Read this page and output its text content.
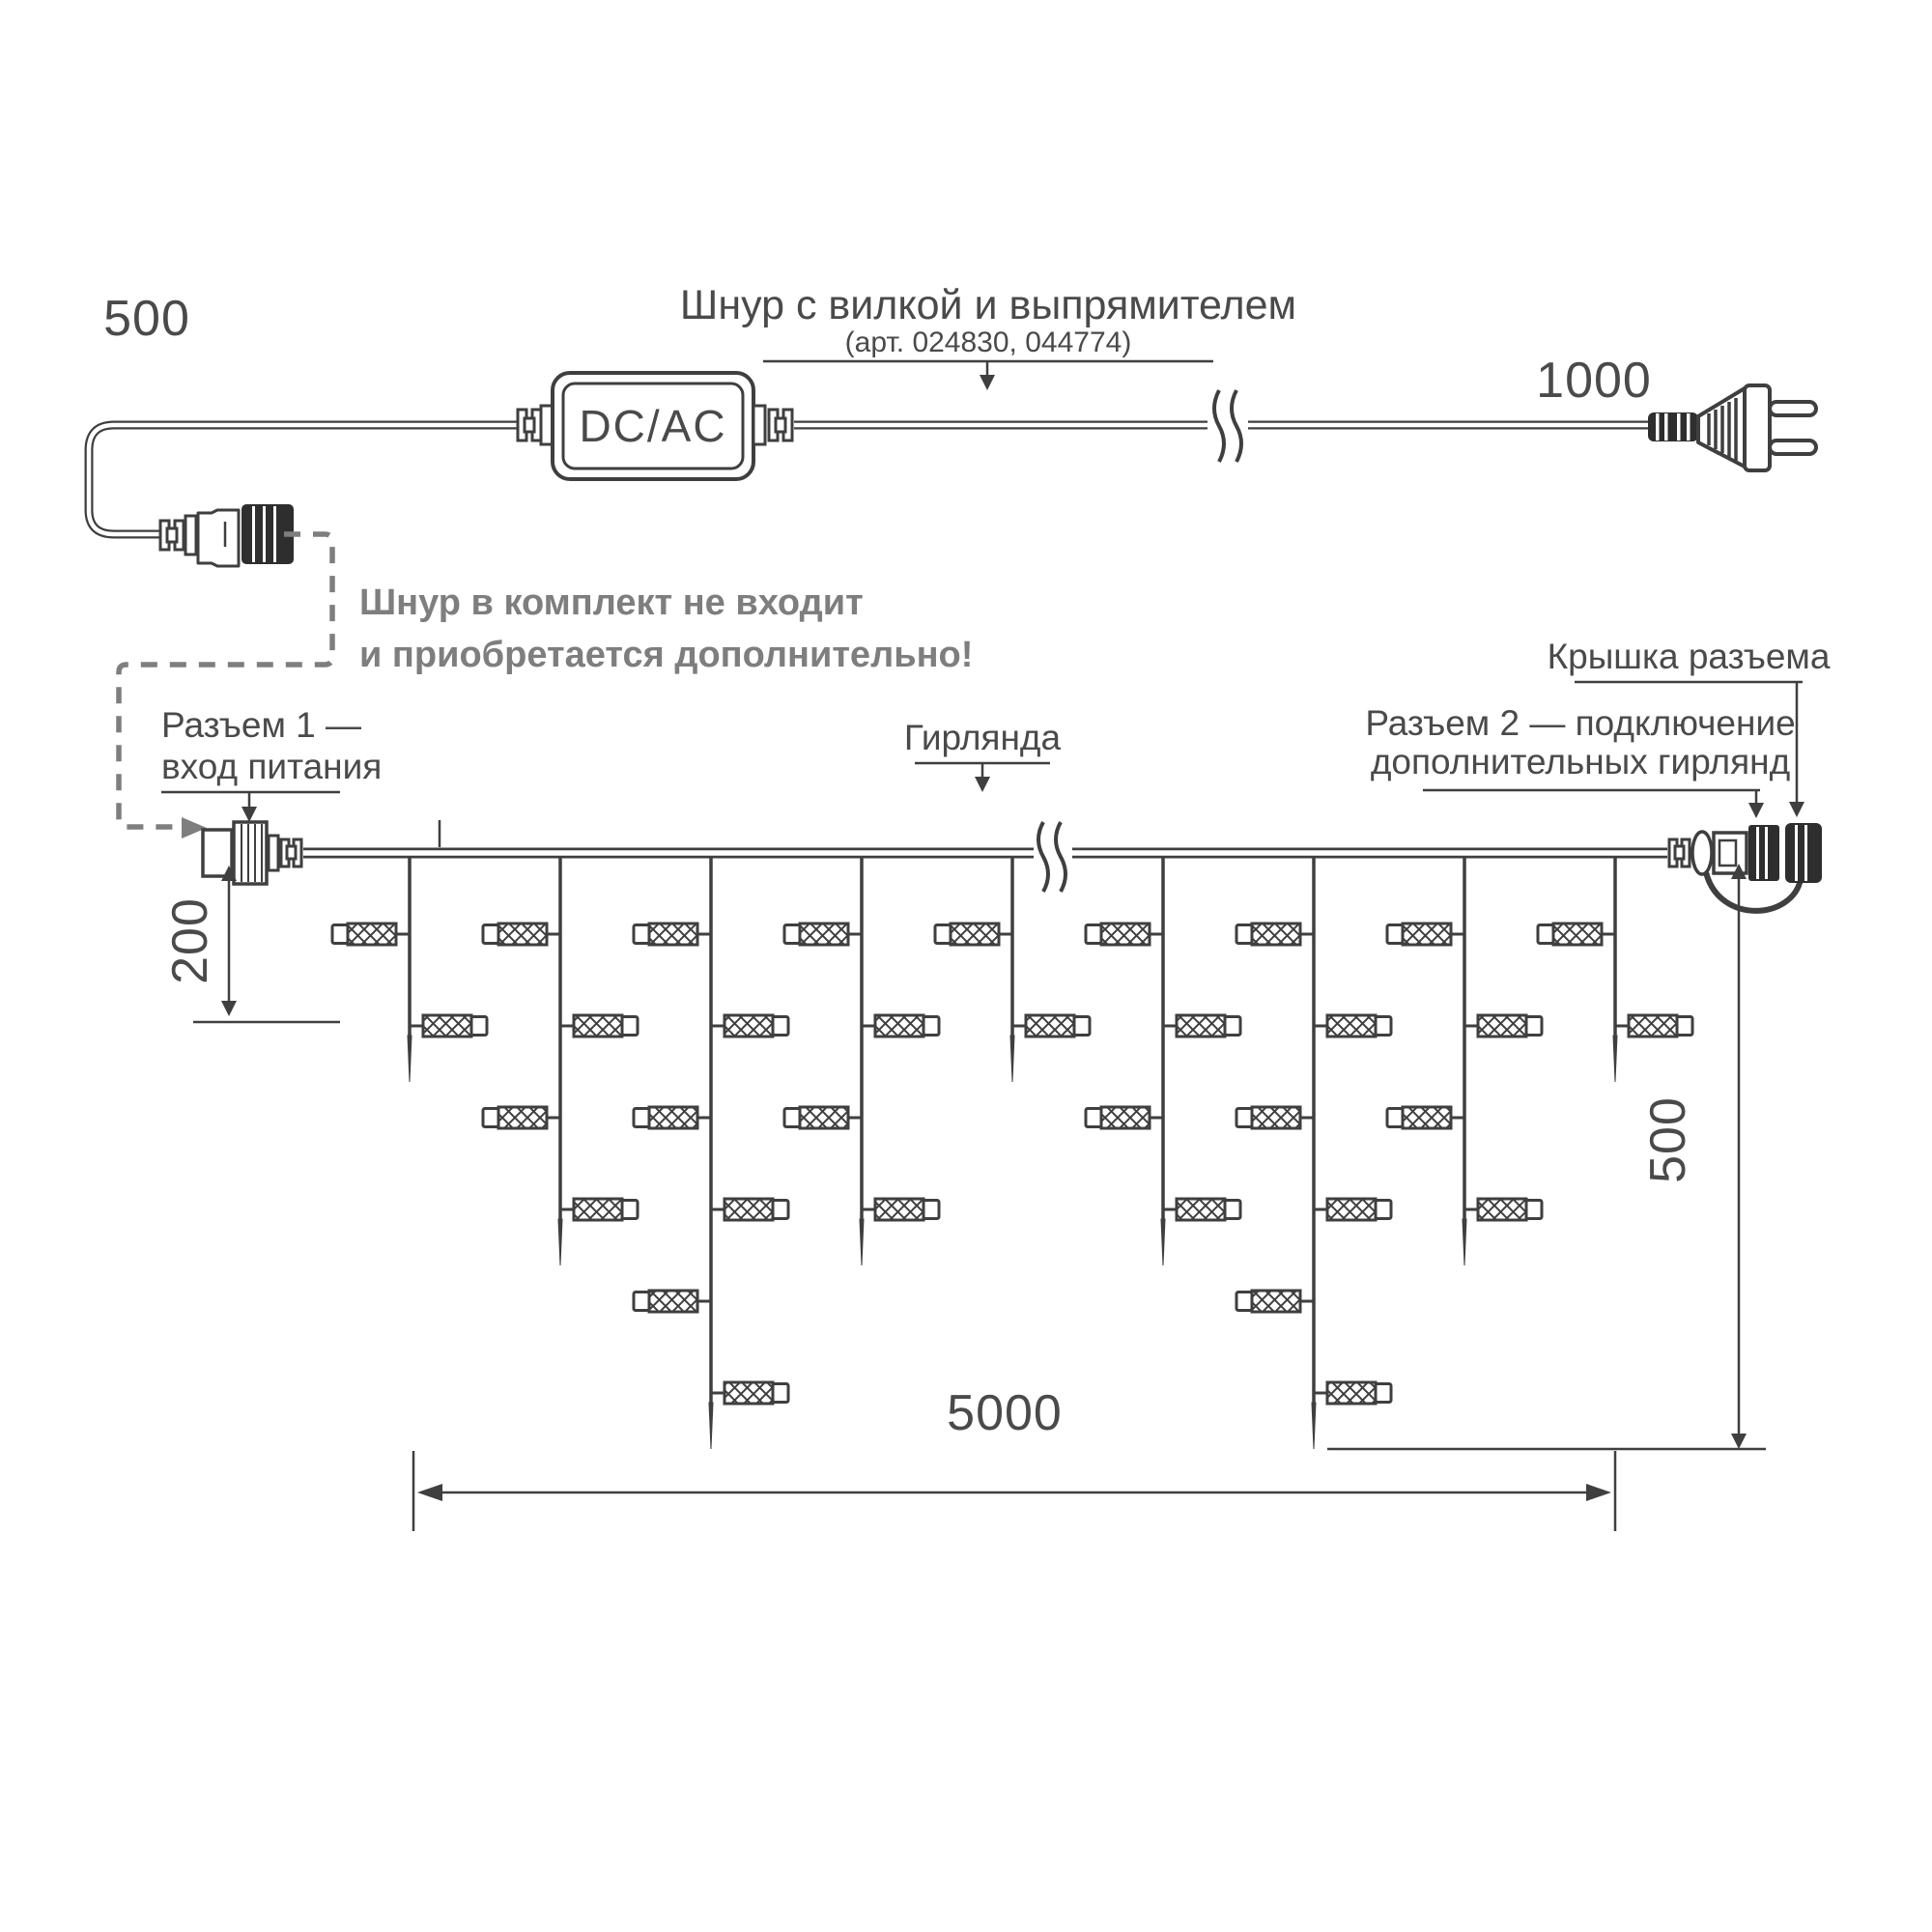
500
DC/AC
1000
Шнур с вилкой и выпрямителем
(арт. 024830, 044774)
Шнур в комплект не входит
и приобретается дополнительно!
Разъем 1 —
вход питания
Гирлянда
Крышка разъема
Разъем 2 — подключение
дополнительных гирлянд
200
500
5000
